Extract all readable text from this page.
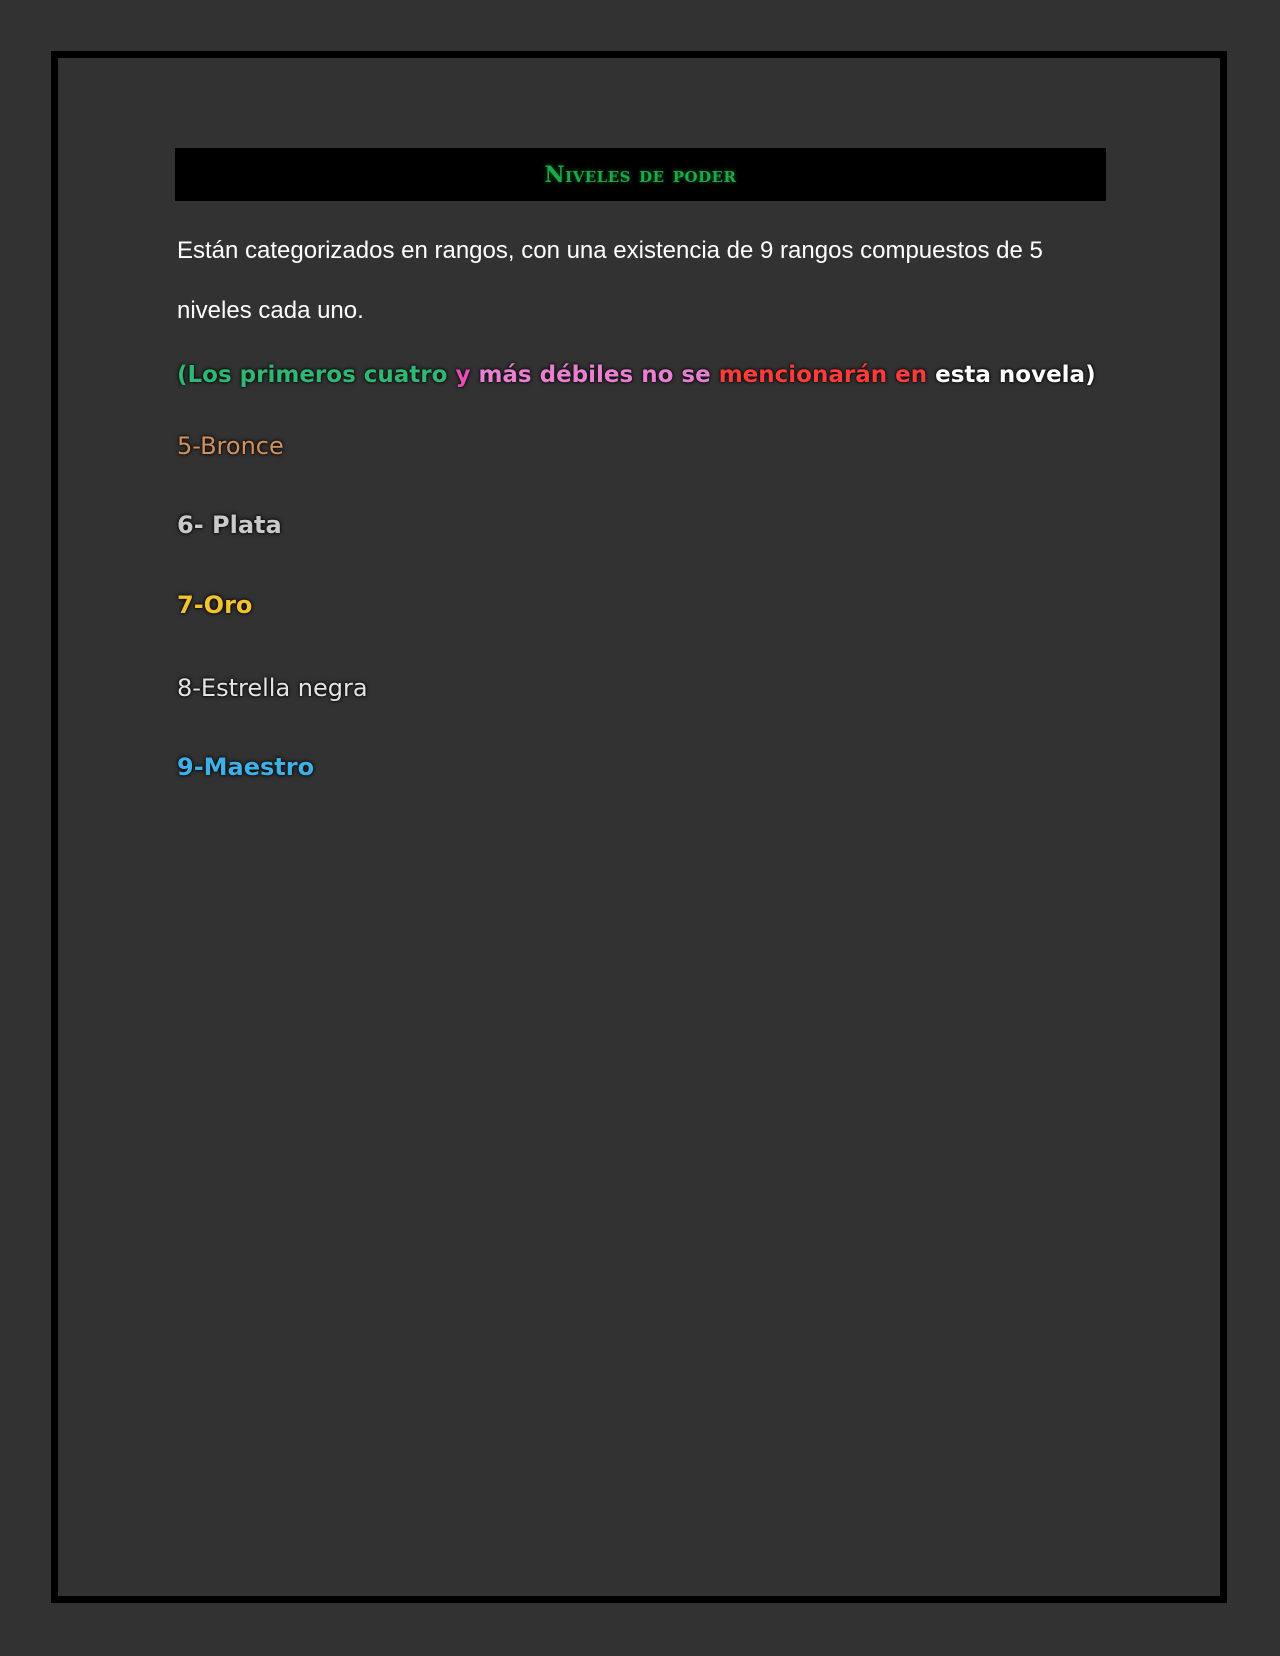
Niveles de poder

Están categorizados en rangos, con una existencia de 9 rangos compuestos de 5 niveles cada uno.

(Los primeros cuatro y más débiles no se mencionarán en esta novela)

5-Bronce

6- Plata

7-Oro

8-Estrella negra

9-Maestro
